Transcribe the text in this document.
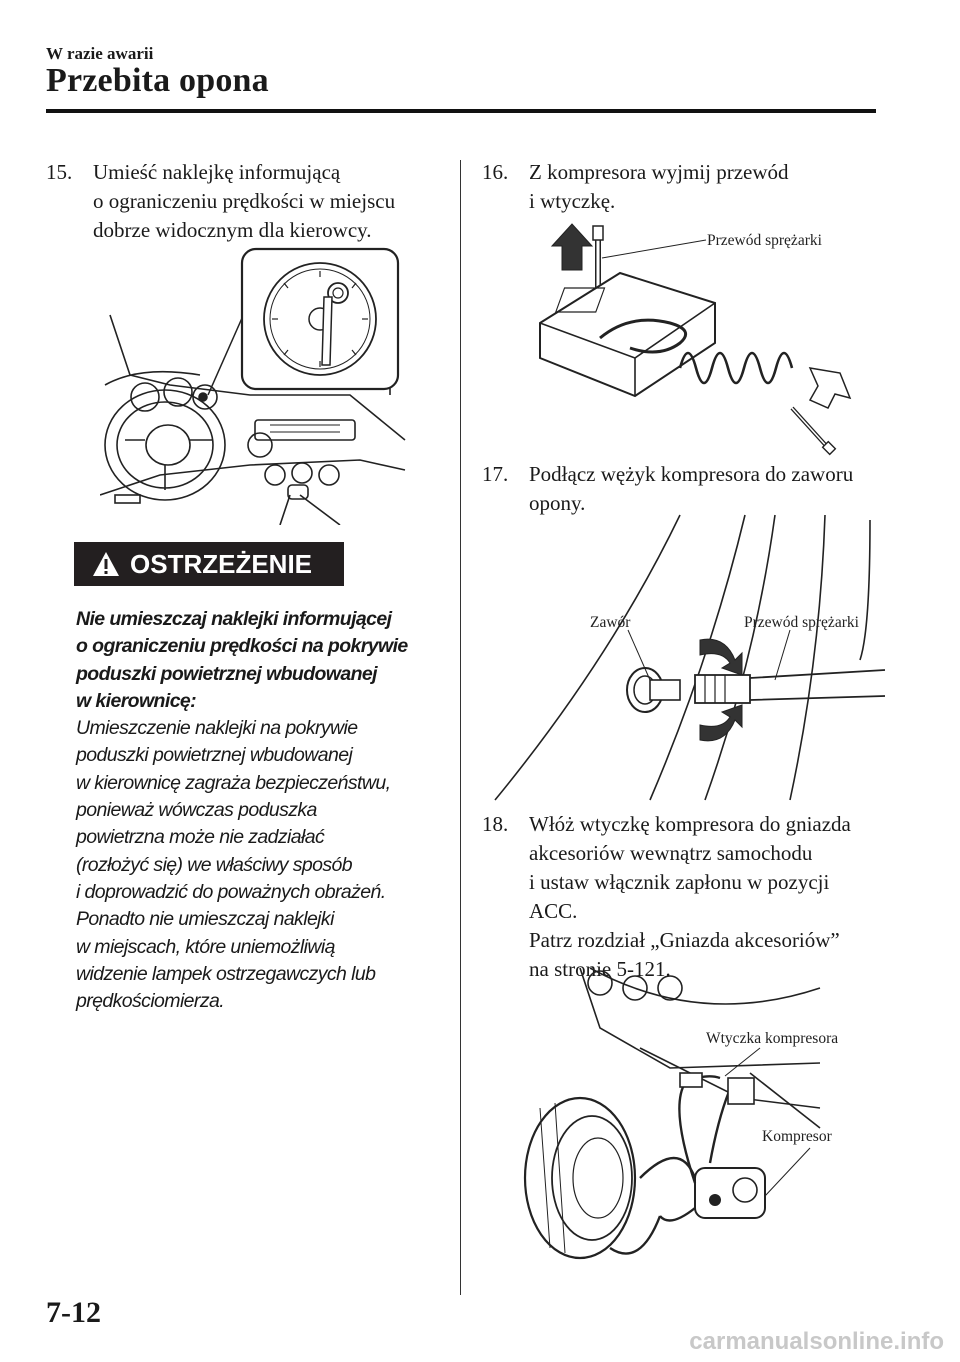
W razie awarii
Przebita opona
15. Umieść naklejkę informującą
o ograniczeniu prędkości w miejscu
dobrze widocznym dla kierowcy.
OSTRZEŻENIE
Nie umieszczaj naklejki informującej
o ograniczeniu prędkości na pokrywie
poduszki powietrznej wbudowanej
w kierownicę:
Umieszczenie naklejki na pokrywie
poduszki powietrznej wbudowanej
w kierownicę zagraża bezpieczeństwu,
ponieważ wówczas poduszka
powietrzna może nie zadziałać
(rozłożyć się) we właściwy sposób
i doprowadzić do poważnych obrażeń.
Ponadto nie umieszczaj naklejki
w miejscach, które uniemożliwią
widzenie lampek ostrzegawczych lub
prędkościomierza.
16. Z kompresora wyjmij przewód
i wtyczkę.
Przewód sprężarki
17. Podłącz wężyk kompresora do zaworu
opony.
Zawór	Przewód sprężarki
18. Włóż wtyczkę kompresora do gniazda
akcesoriów wewnątrz samochodu
i ustaw włącznik zapłonu w pozycji
ACC.
Patrz rozdział „Gniazda akcesoriów”
na stronie 5-121.
Wtyczka kompresora
Kompresor
7-12
carmanualsonline.info
